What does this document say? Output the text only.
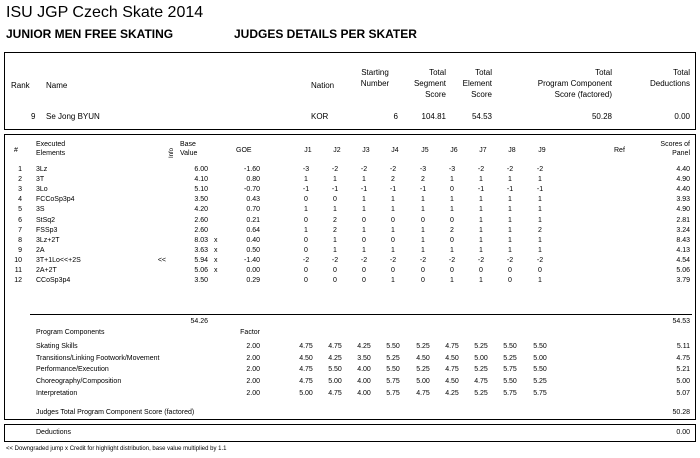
ISU JGP Czech Skate 2014
JUNIOR MEN FREE SKATING	JUDGES DETAILS PER SKATER
Rank Name	Nation
Starting
Number
Total
Segment
Score
Total
Element
Score
Total
Program Component
Score (factored)
Total
Deductions
9 Se Jong BYUN	KOR	6	104.81	54.53	50.28	0.00
#
Executed
Elements	Info
Base
Value	GOE	J1	J2	J3	J4	J5	J6	J7	J8	J9	Ref
Scores of
Panel
1 3Lz	6.00	-1.60	-3	-2	-2	-2	-3	-3	-2	-2	-2	4.40
2 3T	4.10	0.80	1	1	1	2	2	1	1	1	1	4.90
3 3Lo	5.10	-0.70	-1	-1	-1	-1	-1	0	-1	-1	-1	4.40
4 FCCoSp3p4	3.50	0.43	0	0	1	1	1	1	1	1	1	3.93
5 3S	4.20	0.70	1	1	1	1	1	1	1	1	1	4.90
6 StSq2	2.60	0.21	0	2	0	0	0	0	1	1	1	2.81
7 FSSp3	2.60	0.64	1	2	1	1	1	2	1	1	2	3.24
8 3Lz+2T	8.03 x	0.40	0	1	0	0	1	0	1	1	1	8.43
9 2A	3.63 x	0.50	0	1	1	1	1	1	1	1	1	4.13
10 3T+1Lo<<+2S	<<	5.94 x	-1.40	-2	-2	-2	-2	-2	-2	-2	-2	-2	4.54
11 2A+2T	5.06 x	0.00	0	0	0	0	0	0	0	0	0	5.06
12 CCoSp3p4	3.50	0.29	0	0	0	1	0	1	1	0	1	3.79
54.26	54.53
Program Components	Factor
Skating Skills	2.00	4.75	4.75	4.25	5.50	5.25	4.75	5.25	5.50	5.50	5.11
Transitions/Linking Footwork/Movement	2.00	4.50	4.25	3.50	5.25	4.50	4.50	5.00	5.25	5.00	4.75
Performance/Execution	2.00	4.75	5.50	4.00	5.50	5.25	4.75	5.25	5.75	5.50	5.21
Choreography/Composition	2.00	4.75	5.00	4.00	5.75	5.00	4.50	4.75	5.50	5.25	5.00
Interpretation	2.00	5.00	4.75	4.00	5.75	4.75	4.25	5.25	5.75	5.75	5.07
Judges Total Program Component Score (factored)	50.28
Deductions	0.00
<< Downgraded jump x Credit for highlight distribution, base value multiplied by 1.1
